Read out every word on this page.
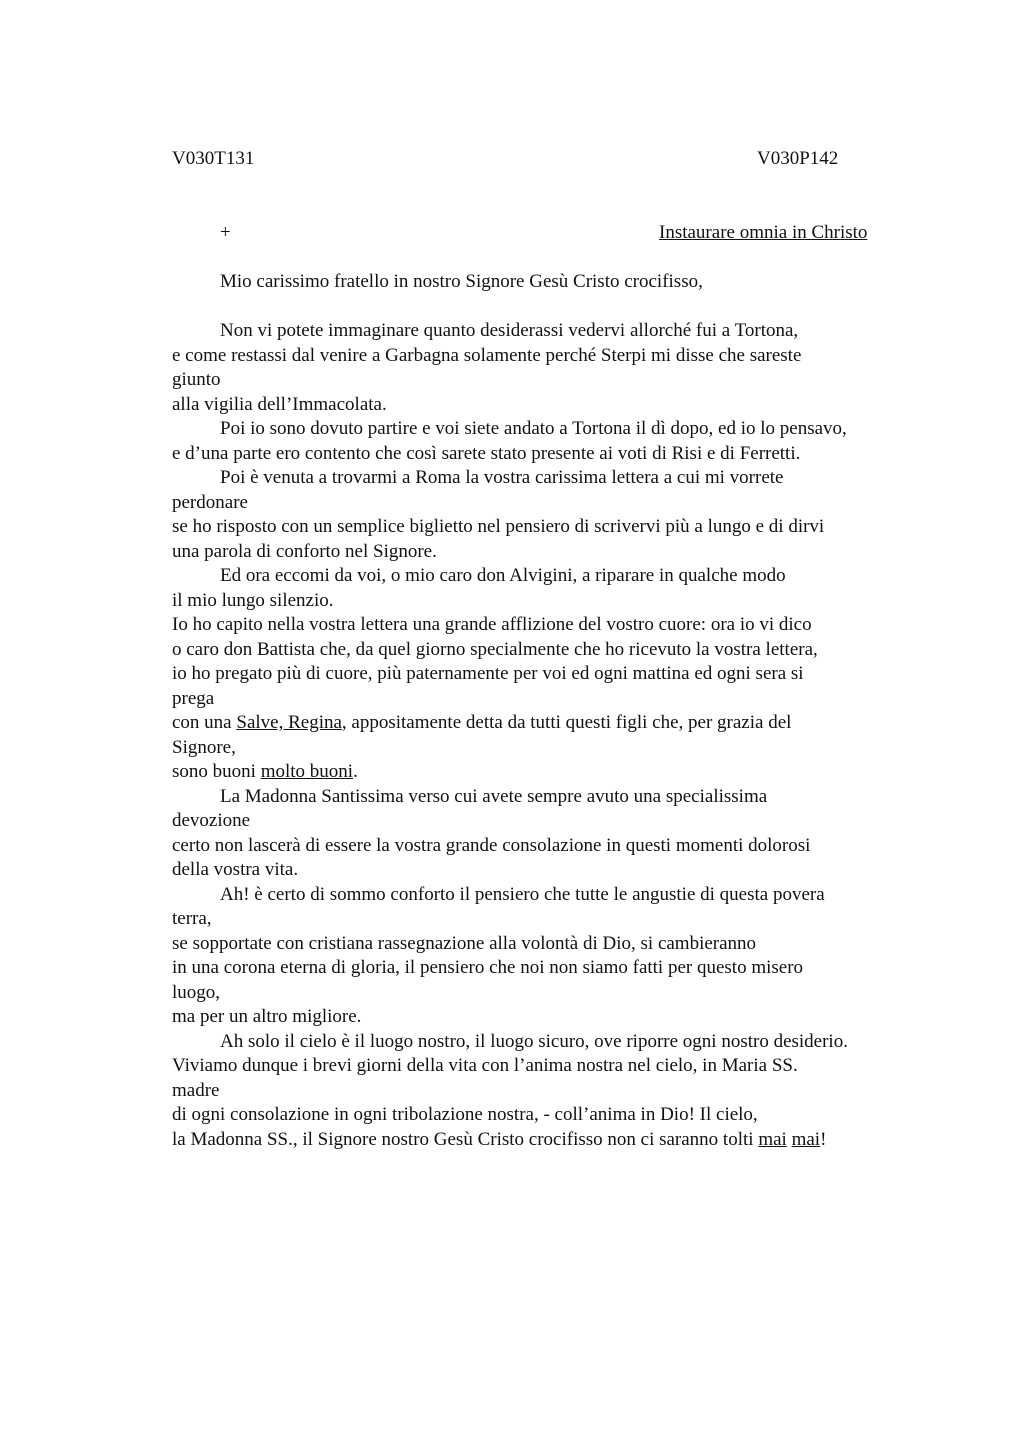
V030T131	V030P142
+	Instaurare omnia in Christo
Mio carissimo fratello in nostro Signore Gesù Cristo crocifisso,
Non vi potete immaginare quanto desiderassi vedervi allorché fui a Tortona,
e come restassi dal venire a Garbagna solamente perché Sterpi mi disse che sareste
giunto
alla vigilia dell’Immacolata.
Poi io sono dovuto partire e voi siete andato a Tortona il dì dopo, ed io lo pensavo,
e d’una parte ero contento che così sarete stato presente ai voti di Risi e di Ferretti.
Poi è venuta a trovarmi a Roma la vostra carissima lettera a cui mi vorrete
perdonare
se ho risposto con un semplice biglietto nel pensiero di scrivervi più a lungo e di dirvi
una parola di conforto nel Signore.
Ed ora eccomi da voi, o mio caro don Alvigini, a riparare in qualche modo
il mio lungo silenzio.
Io ho capito nella vostra lettera una grande afflizione del vostro cuore: ora io vi dico
o caro don Battista che, da quel giorno specialmente che ho ricevuto la vostra lettera,
io ho pregato più di cuore, più paternamente per voi ed ogni mattina ed ogni sera si
prega
con una Salve, Regina, appositamente detta da tutti questi figli che, per grazia del
Signore,
sono buoni molto buoni.
La Madonna Santissima verso cui avete sempre avuto una specialissima
devozione
certo non lascerà di essere la vostra grande consolazione in questi momenti dolorosi
della vostra vita.
Ah! è certo di sommo conforto il pensiero che tutte le angustie di questa povera
terra,
se sopportate con cristiana rassegnazione alla volontà di Dio, si cambieranno
in una corona eterna di gloria, il pensiero che noi non siamo fatti per questo misero
luogo,
ma per un altro migliore.
Ah solo il cielo è il luogo nostro, il luogo sicuro, ove riporre ogni nostro desiderio.
Viviamo dunque i brevi giorni della vita con l’anima nostra nel cielo, in Maria SS.
madre
di ogni consolazione in ogni tribolazione nostra, - coll’anima in Dio! Il cielo,
la Madonna SS., il Signore nostro Gesù Cristo crocifisso non ci saranno tolti mai mai!
